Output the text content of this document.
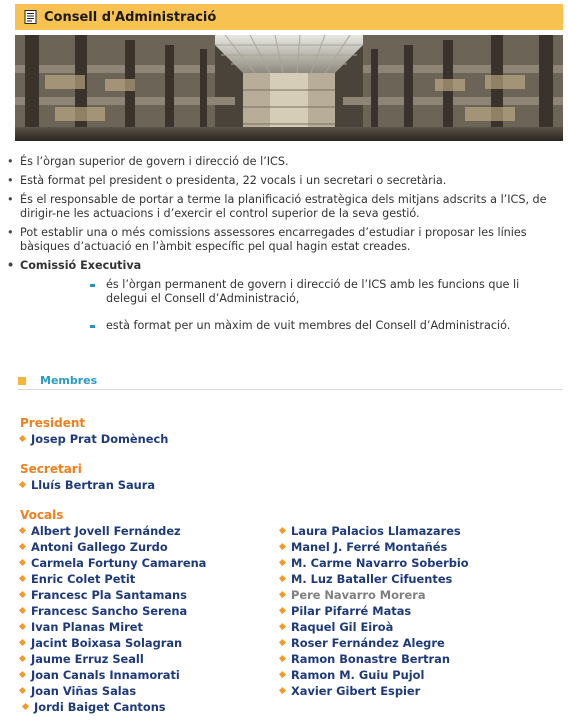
Consell d'Administració
• És l’òrgan superior de govern i direcció de l’ICS.
• Està format pel president o presidenta, 22 vocals i un secretari o secretària.
• És el responsable de portar a terme la planificació estratègica dels mitjans adscrits a l’ICS, de dirigir-ne les actuacions i d’exercir el control superior de la seva gestió.
• Pot establir una o més comissions assessores encarregades d’estudiar i proposar les línies bàsiques d’actuació en l’àmbit específic pel qual hagin estat creades.
• Comissió Executiva
és l’òrgan permanent de govern i direcció de l’ICS amb les funcions que li delegui el Consell d’Administració,
està format per un màxim de vuit membres del Consell d’Administració.
Membres
President
Josep Prat Domènech
Secretari
Lluís Bertran Saura
Vocals
Albert Jovell Fernández
Antoni Gallego Zurdo
Carmela Fortuny Camarena
Enric Colet Petit
Francesc Pla Santamans
Francesc Sancho Serena
Ivan Planas Miret
Jacint Boixasa Solagran
Jaume Erruz Seall
Joan Canals Innamorati
Joan Viñas Salas
Jordi Baiget Cantons
Laura Palacios Llamazares
Manel J. Ferré Montañés
M. Carme Navarro Soberbio
M. Luz Bataller Cifuentes
Pere Navarro Morera
Pilar Pifarré Matas
Raquel Gil Eiroà
Roser Fernández Alegre
Ramon Bonastre Bertran
Ramon M. Guiu Pujol
Xavier Gibert Espier
